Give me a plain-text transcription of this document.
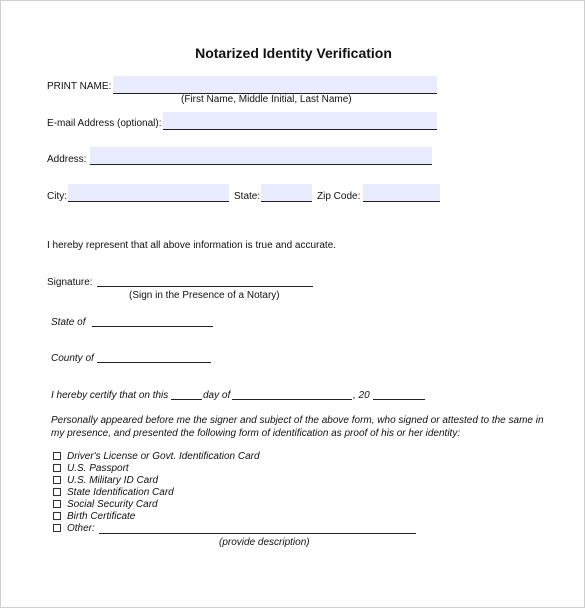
Notarized Identity Verification
PRINT NAME:
(First Name, Middle Initial, Last Name)
E-mail Address (optional):
Address:
City:	State:	Zip Code:
I hereby represent that all above information is true and accurate.
Signature:
(Sign in the Presence of a Notary)
State of
County of
I hereby certify that on this	day of	, 20
Personally appeared before me the signer and subject of the above form, who signed or attested to the same in my presence, and presented the following form of identification as proof of his or her identity:
Driver's License or Govt. Identification Card
U.S. Passport
U.S. Military ID Card
State Identification Card
Social Security Card
Birth Certificate
Other:
(provide description)
